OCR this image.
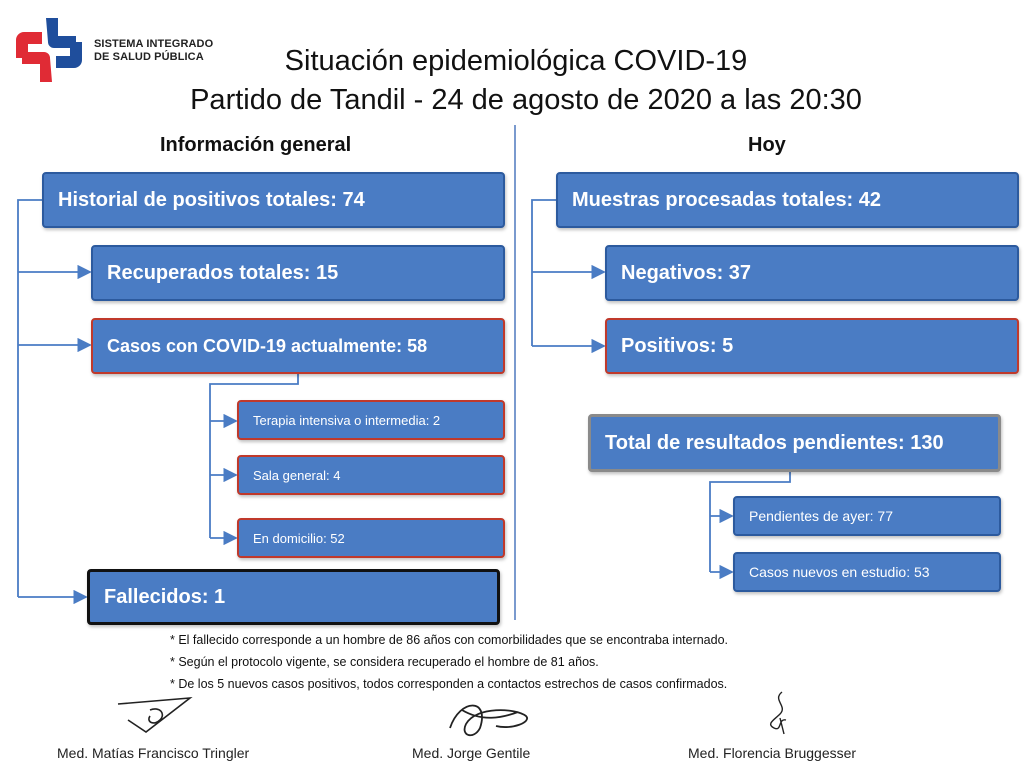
SISTEMA INTEGRADO
DE SALUD PÚBLICA	Situación epidemiológica COVID-19
Partido de Tandil - 24 de agosto de 2020 a las 20:30
Información general	Hoy
Historial de positivos totales: 74
Recuperados totales: 15
Casos con COVID-19 actualmente: 58
Terapia intensiva o intermedia: 2
Sala general: 4
En domicilio: 52
Fallecidos: 1
Muestras procesadas totales: 42
Negativos: 37
Positivos: 5
Total de resultados pendientes: 130
Pendientes de ayer: 77
Casos nuevos en estudio: 53
* El fallecido corresponde a un hombre de 86 años con comorbilidades que se encontraba internado.
* Según el protocolo vigente, se considera recuperado el hombre de 81 años.
* De los 5 nuevos casos positivos, todos corresponden a contactos estrechos de casos confirmados.
Med. Matías Francisco Tringler	Med. Jorge Gentile	Med. Florencia Bruggesser
